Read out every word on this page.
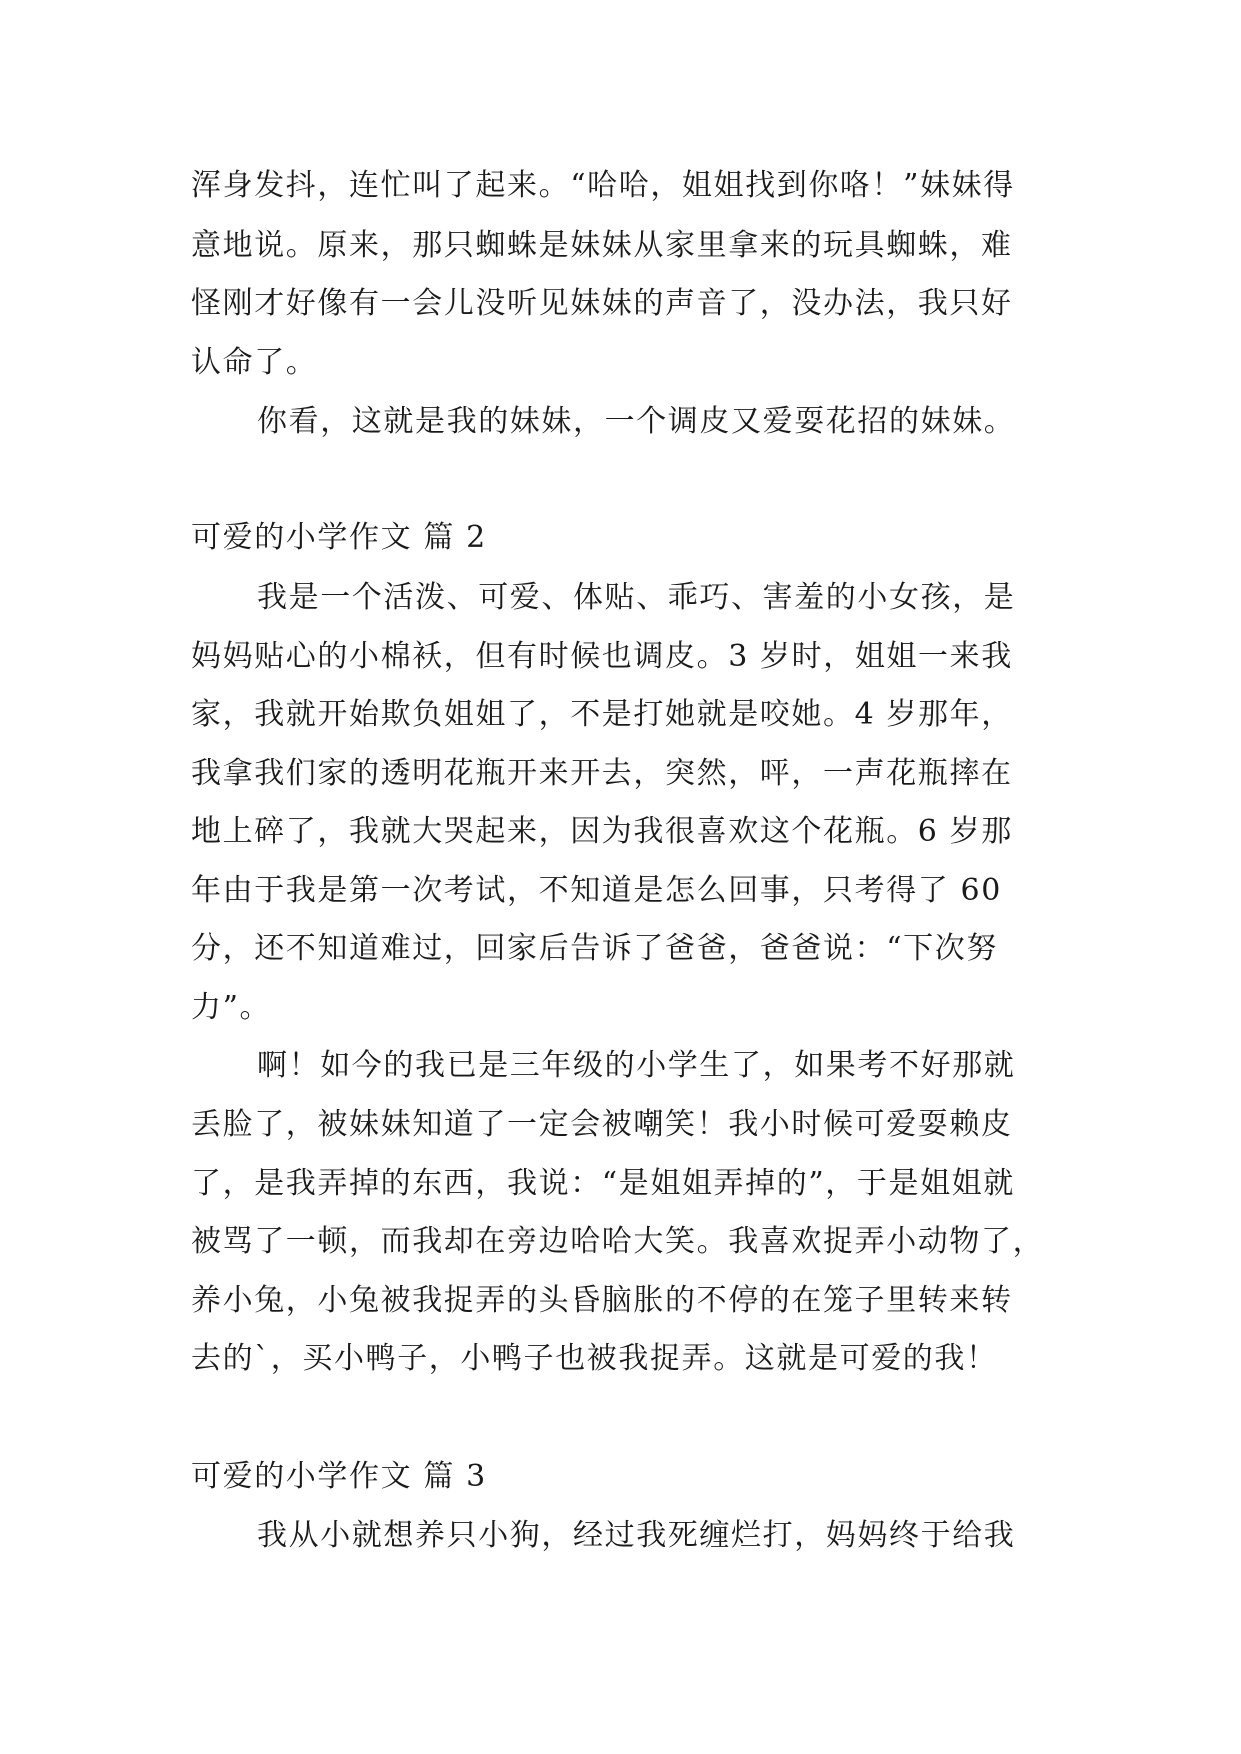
浑身发抖，连忙叫了起来。“哈哈，姐姐找到你咯！”妹妹得
意地说。原来，那只蜘蛛是妹妹从家里拿来的玩具蜘蛛，难
怪刚才好像有一会儿没听见妹妹的声音了，没办法，我只好
认命了。
你看，这就是我的妹妹，一个调皮又爱耍花招的妹妹。
可爱的小学作文 篇 2
我是一个活泼、可爱、体贴、乖巧、害羞的小女孩，是
妈妈贴心的小棉袄，但有时候也调皮。3 岁时，姐姐一来我
家，我就开始欺负姐姐了，不是打她就是咬她。4 岁那年，
我拿我们家的透明花瓶开来开去，突然，呯，一声花瓶摔在
地上碎了，我就大哭起来，因为我很喜欢这个花瓶。6 岁那
年由于我是第一次考试，不知道是怎么回事，只考得了 60
分，还不知道难过，回家后告诉了爸爸，爸爸说：“下次努
力”。
啊！如今的我已是三年级的小学生了，如果考不好那就
丢脸了，被妹妹知道了一定会被嘲笑！我小时候可爱耍赖皮
了，是我弄掉的东西，我说：“是姐姐弄掉的”，于是姐姐就
被骂了一顿，而我却在旁边哈哈大笑。我喜欢捉弄小动物了，
养小兔，小兔被我捉弄的头昏脑胀的不停的在笼子里转来转
去的`，买小鸭子，小鸭子也被我捉弄。这就是可爱的我！
可爱的小学作文 篇 3
我从小就想养只小狗，经过我死缠烂打，妈妈终于给我
